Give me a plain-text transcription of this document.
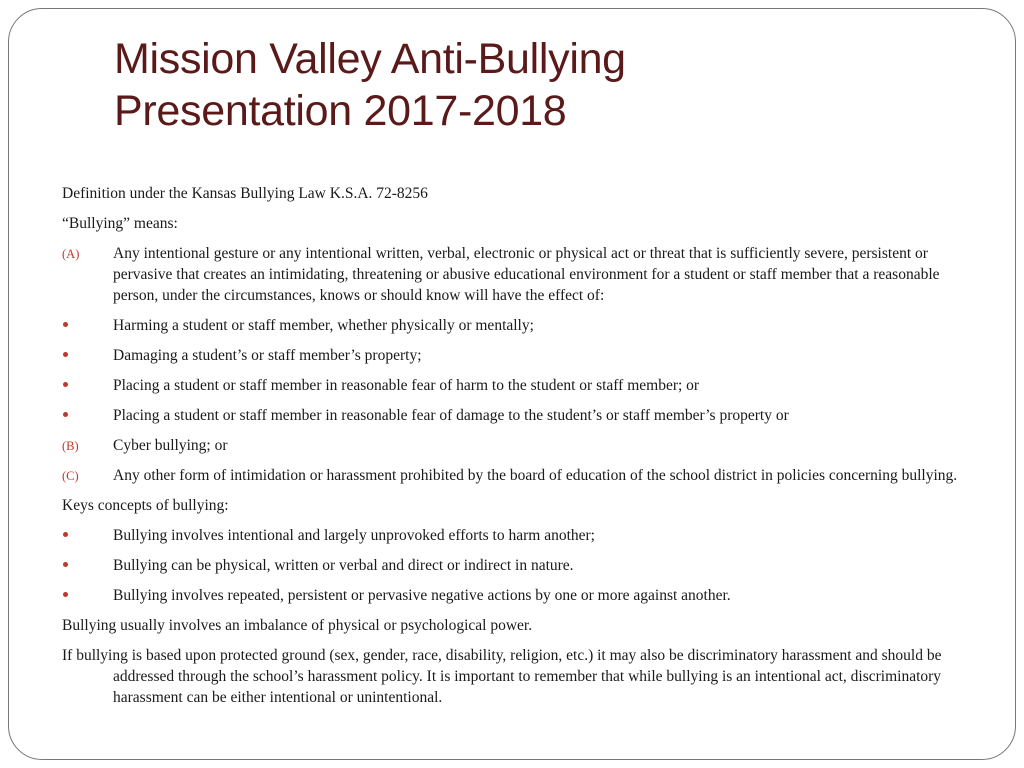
Mission Valley Anti-Bullying
Presentation 2017-2018
Definition under the Kansas Bullying Law K.S.A. 72-8256
“Bullying” means:
(A)	Any intentional gesture or any intentional written, verbal, electronic or physical act or threat that is sufficiently severe, persistent or pervasive that creates an intimidating, threatening or abusive educational environment for a student or staff member that a reasonable person, under the circumstances, knows or should know will have the effect of:
Harming a student or staff member, whether physically or mentally;
Damaging a student’s or staff member’s property;
Placing a student or staff member in reasonable fear of harm to the student or staff member; or
Placing a student or staff member in reasonable fear of damage to the student’s or staff member’s property or
(B)	Cyber bullying; or
(C)	Any other form of intimidation or harassment prohibited by the board of education of the school district in policies concerning bullying.
Keys concepts of bullying:
Bullying involves intentional and largely unprovoked efforts to harm another;
Bullying can be physical, written or verbal and direct or indirect in nature.
Bullying involves repeated, persistent or pervasive negative actions by one or more against another.
Bullying usually involves an imbalance of physical or psychological power.
If bullying is based upon protected ground (sex, gender, race, disability, religion, etc.) it may also be discriminatory harassment and should be addressed through the school’s harassment policy. It is important to remember that while bullying is an intentional act, discriminatory harassment can be either intentional or unintentional.
